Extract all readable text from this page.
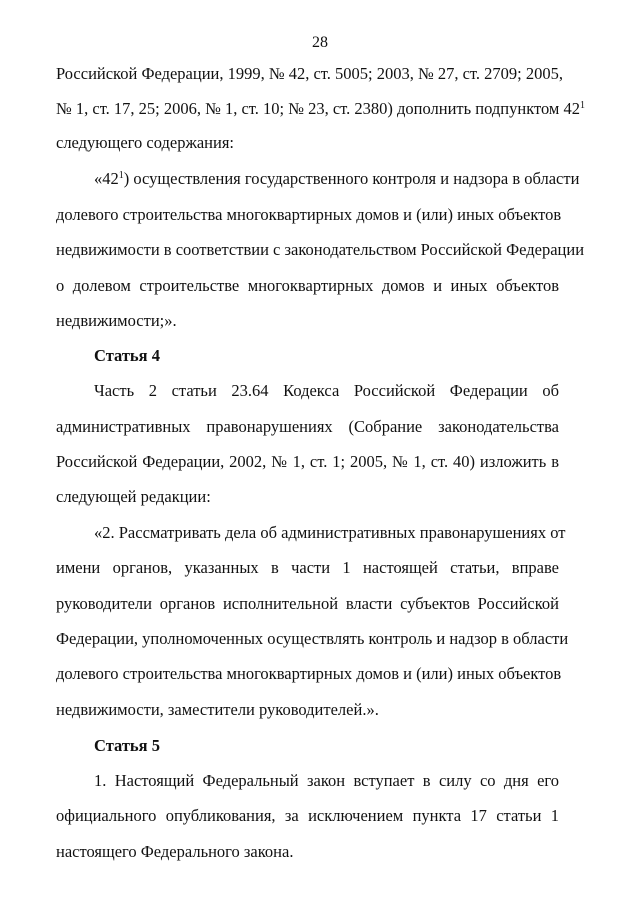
28
Российской Федерации, 1999, № 42, ст. 5005; 2003, № 27, ст. 2709; 2005,
№ 1, ст. 17, 25; 2006, № 1, ст. 10; № 23, ст. 2380) дополнить подпунктом $42^1$
следующего содержания:
«$42^1$) осуществления государственного контроля и надзора в области
долевого строительства многоквартирных домов и (или) иных объектов
недвижимости в соответствии с законодательством Российской Федерации
о долевом строительстве многоквартирных домов и иных объектов
недвижимости;».
Статья 4
Часть 2 статьи 23.64 Кодекса Российской Федерации об
административных правонарушениях (Собрание законодательства
Российской Федерации, 2002, № 1, ст. 1; 2005, № 1, ст. 40) изложить в
следующей редакции:
«2. Рассматривать дела об административных правонарушениях от
имени органов, указанных в части 1 настоящей статьи, вправе
руководители органов исполнительной власти субъектов Российской
Федерации, уполномоченных осуществлять контроль и надзор в области
долевого строительства многоквартирных домов и (или) иных объектов
недвижимости, заместители руководителей.».
Статья 5
1. Настоящий Федеральный закон вступает в силу со дня его
официального опубликования, за исключением пункта 17 статьи 1
настоящего Федерального закона.
